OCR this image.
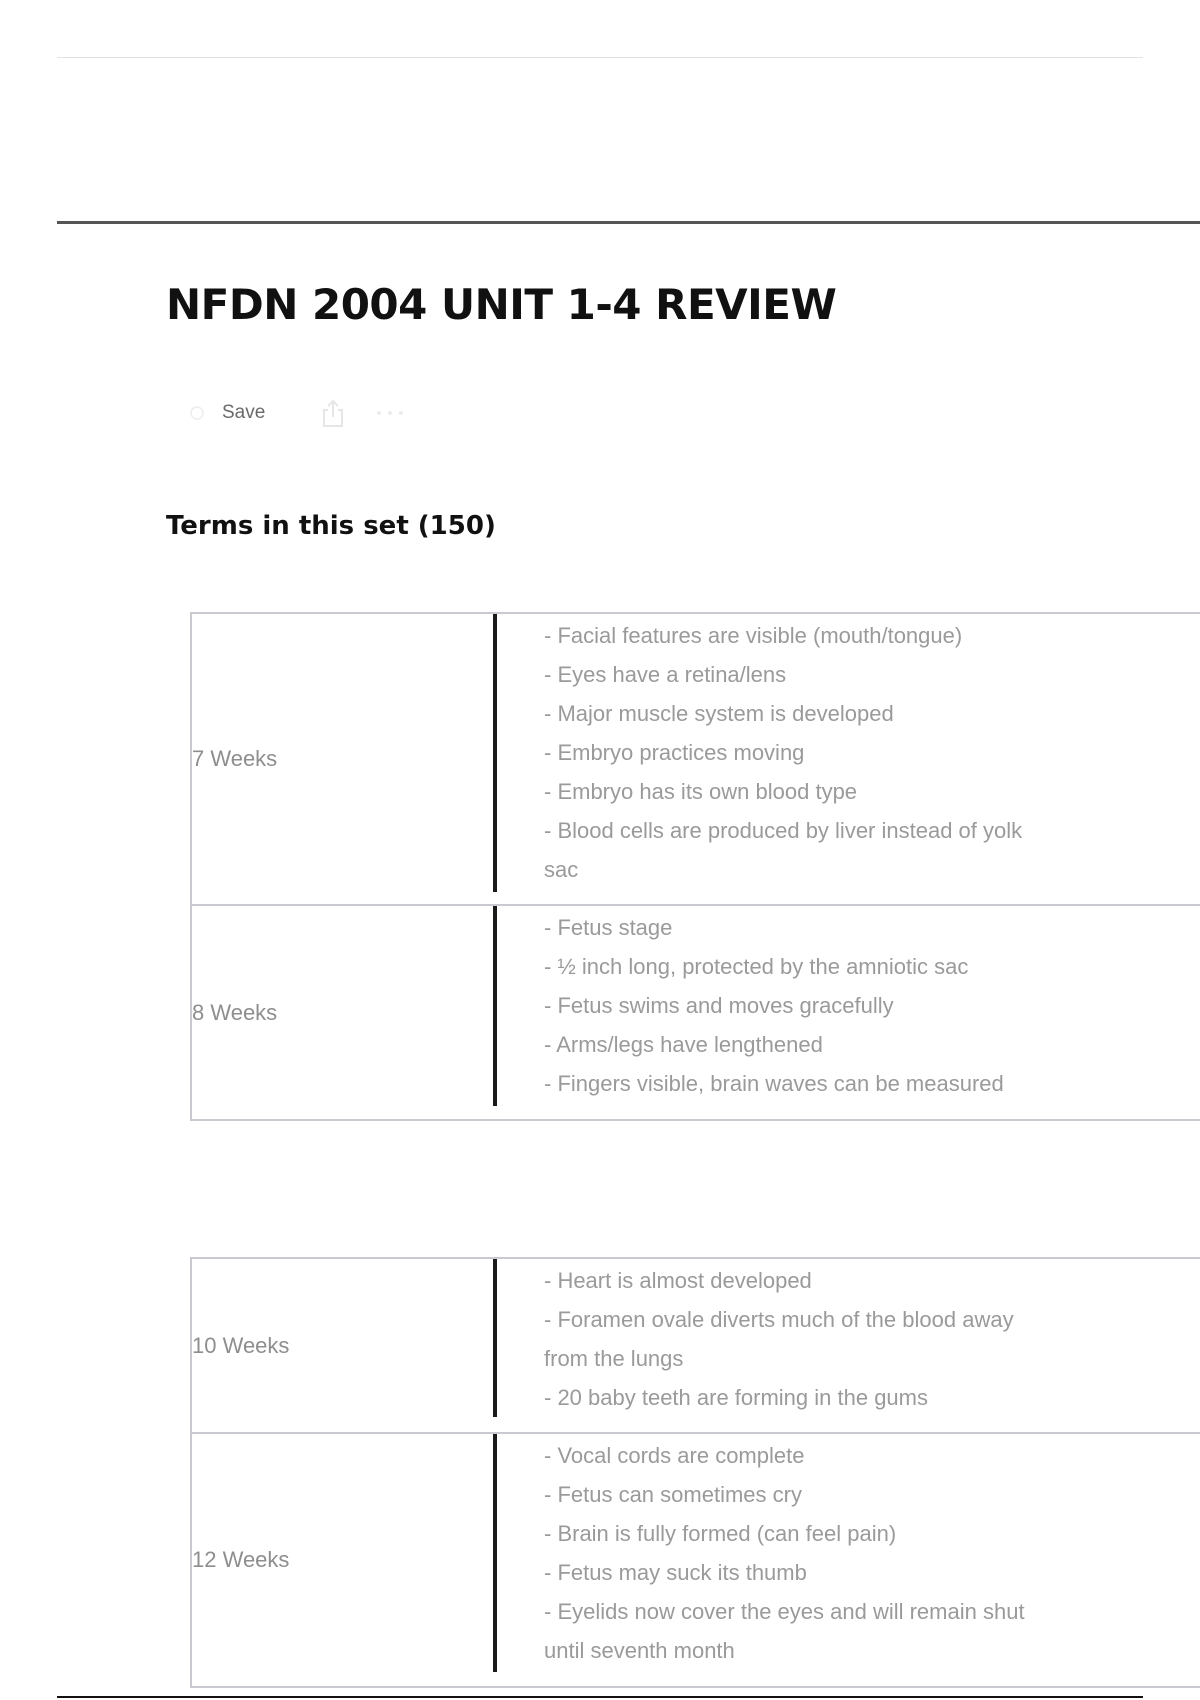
NFDN 2004 UNIT 1-4 REVIEW
Save
Terms in this set (150)
7 Weeks
- Facial features are visible (mouth/tongue)
- Eyes have a retina/lens
- Major muscle system is developed
- Embryo practices moving
- Embryo has its own blood type
- Blood cells are produced by liver instead of yolk
sac
8 Weeks
- Fetus stage
- ½ inch long, protected by the amniotic sac
- Fetus swims and moves gracefully
- Arms/legs have lengthened
- Fingers visible, brain waves can be measured
10 Weeks
- Heart is almost developed
- Foramen ovale diverts much of the blood away
from the lungs
- 20 baby teeth are forming in the gums
12 Weeks
- Vocal cords are complete
- Fetus can sometimes cry
- Brain is fully formed (can feel pain)
- Fetus may suck its thumb
- Eyelids now cover the eyes and will remain shut
until seventh month
